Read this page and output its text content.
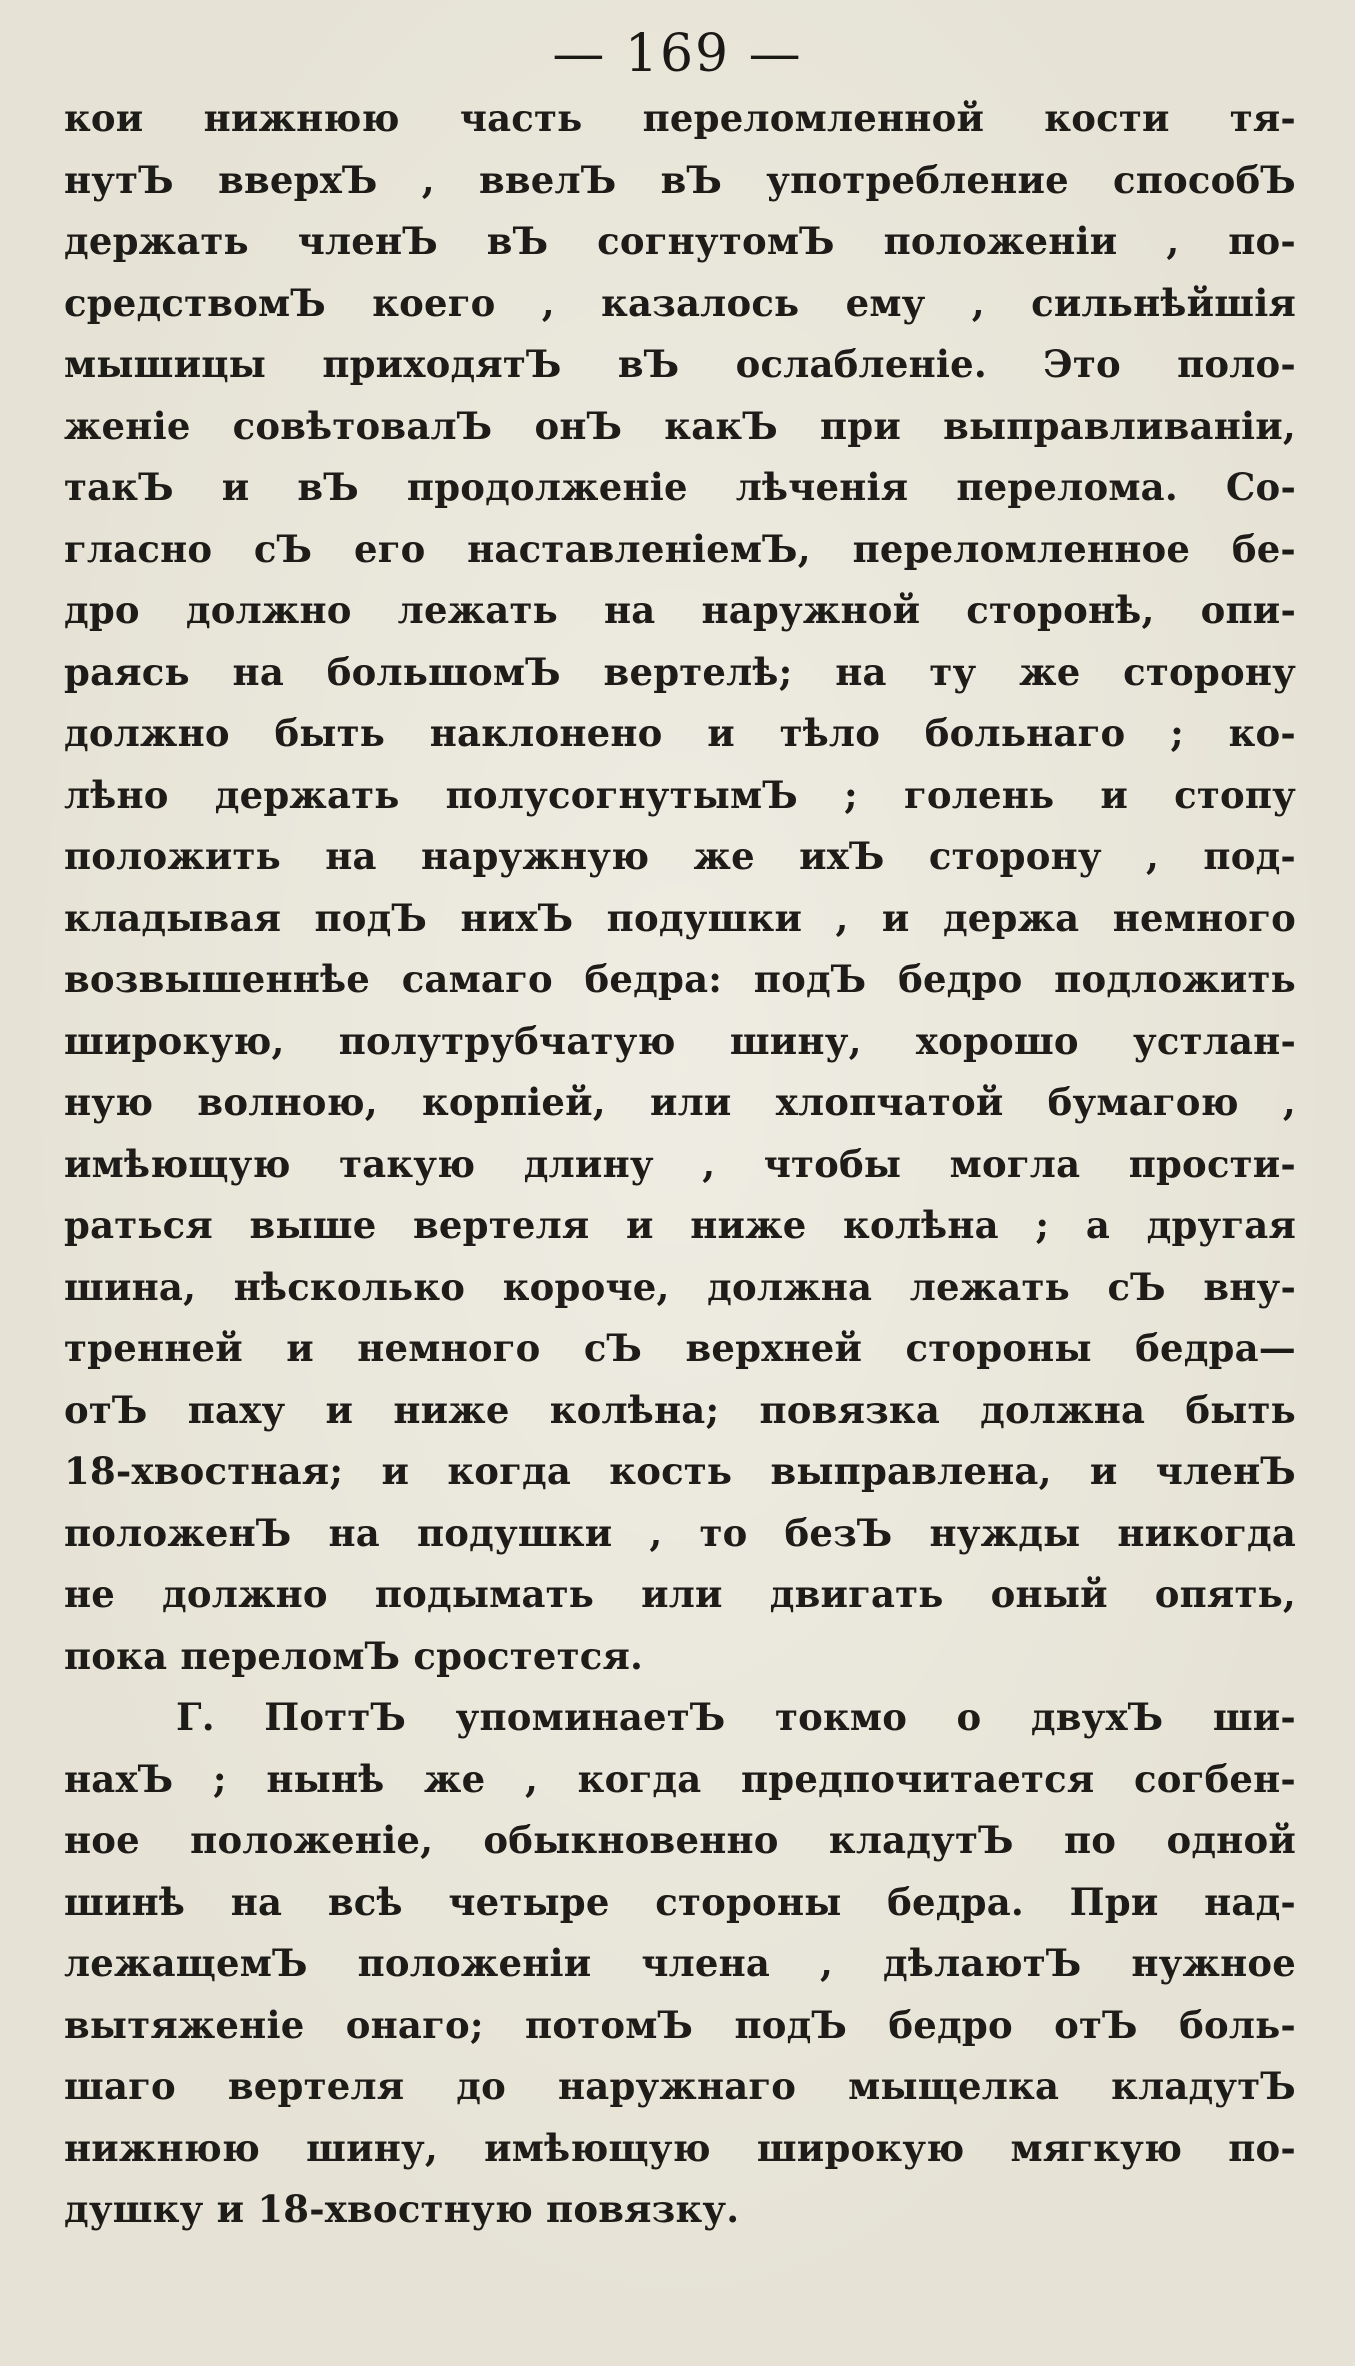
— 169 —
кои нижнюю часть переломленной кости тя-
нутЪ вверхЪ , ввелЪ вЪ употребление способЪ
держать членЪ вЪ согнутомЪ положенiи , по-
средствомЪ коего , казалось ему , сильнѣйшiя
мышицы приходятЪ вЪ ослабленiе. Это поло-
женiе совѣтовалЪ онЪ какЪ при выправливанiи,
такЪ и вЪ продолженiе лѣченiя перелома. Со-
гласно сЪ его наставленiемЪ, переломленное бе-
дро должно лежать на наружной сторонѣ, опи-
раясь на большомЪ вертелѣ; на ту же сторону
должно быть наклонено и тѣло больнаго ; ко-
лѣно держать полусогнутымЪ ; голень и стопу
положить на наружную же ихЪ сторону , под-
кладывая подЪ нихЪ подушки , и держа немного
возвышеннѣе самаго бедра: подЪ бедро подложить
широкую, полутрубчатую шину, хорошо устлан-
ную волною, корпiей, или хлопчатой бумагою ,
имѣющую такую длину , чтобы могла прости-
раться выше вертеля и ниже колѣна ; а другая
шина, нѣсколько короче, должна лежать сЪ вну-
тренней и немного сЪ верхней стороны бедра—
отЪ паху и ниже колѣна; повязка должна быть
18-хвостная; и когда кость выправлена, и членЪ
положенЪ на подушки , то безЪ нужды никогда
не должно подымать или двигать оный опять,
пока переломЪ сростется.
Г. ПоттЪ упоминаетЪ токмо о двухЪ ши-
нахЪ ; нынѣ же , когда предпочитается согбен-
ное положенiе, обыкновенно кладутЪ по одной
шинѣ на всѣ четыре стороны бедра. При над-
лежащемЪ положенiи члена , дѣлаютЪ нужное
вытяженiе онаго; потомЪ подЪ бедро отЪ боль-
шаго вертеля до наружнаго мыщелка кладутЪ
нижнюю шину, имѣющую широкую мягкую по-
душку и 18-хвостную повязку.
